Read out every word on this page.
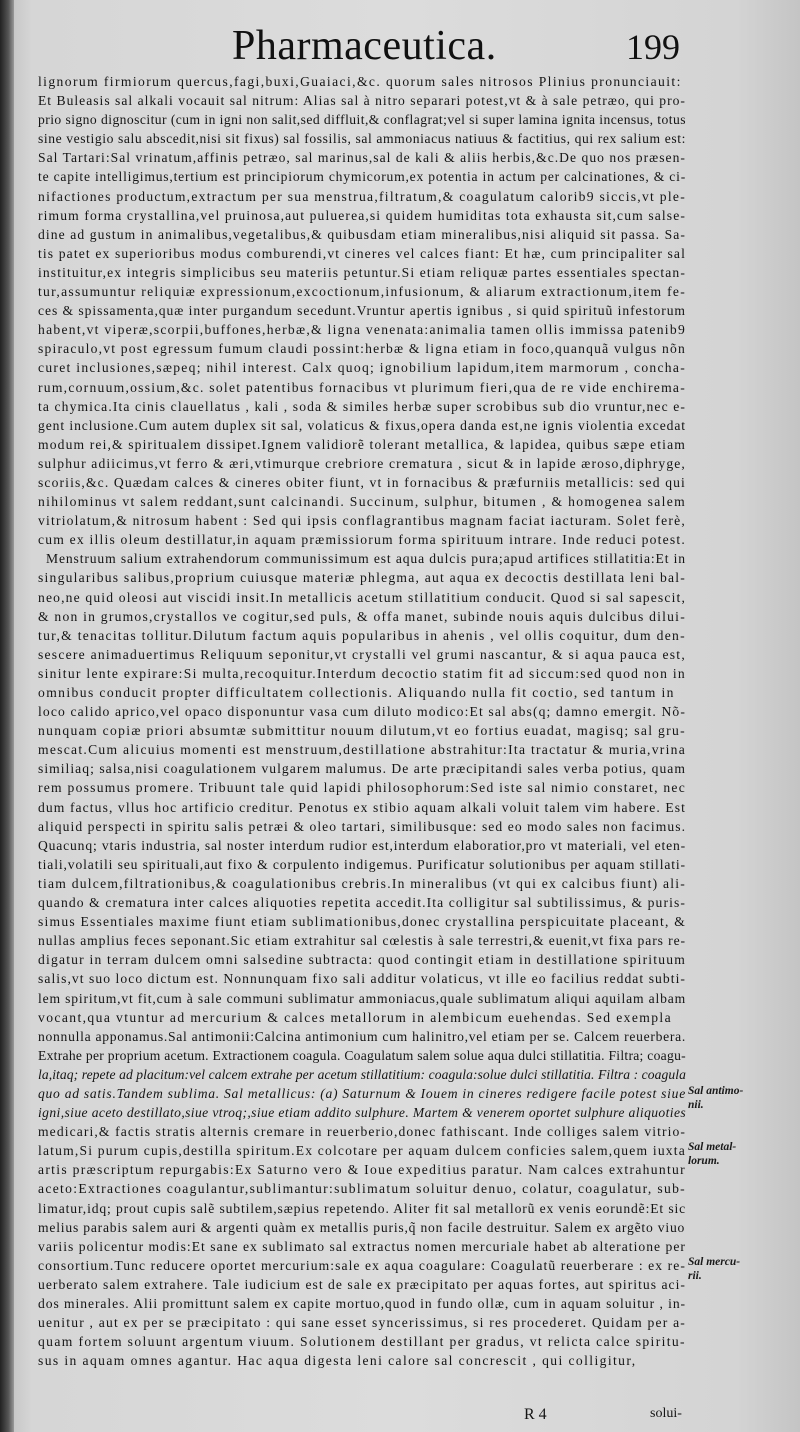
Pharmaceutica.	199
lignorum firmiorum quercus,fagi,buxi,Guaiaci,&c. quorum sales nitrosos Plinius pronunciauit:
Et Buleasis sal alkali vocauit sal nitrum: Alias sal à nitro separari potest,vt & à sale petræo, qui pro-
prio signo dignoscitur (cum in igni non salit,sed diffluit,& conflagrat;vel si super lamina ignita incensus, totus
sine vestigio salu abscedit,nisi sit fixus) sal fossilis, sal ammoniacus natiuus & factitius, qui rex salium est:
Sal Tartari:Sal vrinatum,affinis petræo, sal marinus,sal de kali & aliis herbis,&c.De quo nos præsen-
te capite intelligimus,tertium est principiorum chymicorum,ex potentia in actum per calcinationes, & ci-
nifactiones productum,extractum per sua menstrua,filtratum,& coagulatum calorib9 siccis,vt ple-
rimum forma crystallina,vel pruinosa,aut puluerea,si quidem humiditas tota exhausta sit,cum salse-
dine ad gustum in animalibus,vegetalibus,& quibusdam etiam mineralibus,nisi aliquid sit passa. Sa-
tis patet ex superioribus modus comburendi,vt cineres vel calces fiant: Et hæ, cum principaliter sal
instituitur,ex integris simplicibus seu materiis petuntur.Si etiam reliquæ partes essentiales spectan-
tur,assumuntur reliquiæ expressionum,excoctionum,infusionum, & aliarum extractionum,item fe-
ces & spissamenta,quæ inter purgandum secedunt.Vruntur apertis ignibus , si quid spirituũ infestorum
habent,vt viperæ,scorpii,buffones,herbæ,& ligna venenata:animalia tamen ollis immissa patenib9
spiraculo,vt post egressum fumum claudi possint:herbæ & ligna etiam in foco,quanquã vulgus nõn
curet inclusiones,sæpeq; nihil interest. Calx quoq; ignobilium lapidum,item marmorum , concha-
rum,cornuum,ossium,&c. solet patentibus fornacibus vt plurimum fieri,qua de re vide enchirema-
ta chymica.Ita cinis clauellatus , kali , soda & similes herbæ super scrobibus sub dio vruntur,nec e-
gent inclusione.Cum autem duplex sit sal, volaticus & fixus,opera danda est,ne ignis violentia excedat
modum rei,& spiritualem dissipet.Ignem validiorẽ tolerant metallica, & lapidea, quibus sæpe etiam
sulphur adiicimus,vt ferro & æri,vtimurque crebriore crematura , sicut & in lapide æroso,diphryge,
scoriis,&c. Quædam calces & cineres obiter fiunt, vt in fornacibus & præfurniis metallicis: sed qui
nihilominus vt salem reddant,sunt calcinandi. Succinum, sulphur, bitumen , & homogenea salem
vitriolatum,& nitrosum habent : Sed qui ipsis conflagrantibus magnam faciat iacturam. Solet ferè,
cum ex illis oleum destillatur,in aquam præmissiorum forma spirituum intrare. Inde reduci potest.
Menstruum salium extrahendorum communissimum est aqua dulcis pura;apud artifices stillatitia:Et in
singularibus salibus,proprium cuiusque materiæ phlegma, aut aqua ex decoctis destillata leni bal-
neo,ne quid oleosi aut viscidi insit.In metallicis acetum stillatitium conducit. Quod si sal sapescit,
& non in grumos,crystallos ve cogitur,sed puls, & offa manet, subinde nouis aquis dulcibus dilui-
tur,& tenacitas tollitur.Dilutum factum aquis popularibus in ahenis , vel ollis coquitur, dum den-
sescere animaduertimus Reliquum seponitur,vt crystalli vel grumi nascantur, & si aqua pauca est,
sinitur lente expirare:Si multa,recoquitur.Interdum decoctio statim fit ad siccum:sed quod non in
omnibus conducit propter difficultatem collectionis. Aliquando nulla fit coctio, sed tantum in
loco calido aprico,vel opaco disponuntur vasa cum diluto modico:Et sal abs(q; damno emergit. Nõ-
nunquam copiæ priori absumtæ submittitur nouum dilutum,vt eo fortius euadat, magisq; sal gru-
mescat.Cum alicuius momenti est menstruum,destillatione abstrahitur:Ita tractatur & muria,vrina
similiaq; salsa,nisi coagulationem vulgarem malumus. De arte præcipitandi sales verba potius, quam
rem possumus promere. Tribuunt tale quid lapidi philosophorum:Sed iste sal nimio constaret, nec
dum factus, vllus hoc artificio creditur. Penotus ex stibio aquam alkali voluit talem vim habere. Est
aliquid perspecti in spiritu salis petræi & oleo tartari, similibusque: sed eo modo sales non facimus.
Quacunq; vtaris industria, sal noster interdum rudior est,interdum elaboratior,pro vt materiali, vel eten-
tiali,volatili seu spirituali,aut fixo & corpulento indigemus. Purificatur solutionibus per aquam stillati-
tiam dulcem,filtrationibus,& coagulationibus crebris.In mineralibus (vt qui ex calcibus fiunt) ali-
quando & crematura inter calces aliquoties repetita accedit.Ita colligitur sal subtilissimus, & puris-
simus Essentiales maxime fiunt etiam sublimationibus,donec crystallina perspicuitate placeant, &
nullas amplius feces seponant.Sic etiam extrahitur sal cœlestis à sale terrestri,& euenit,vt fixa pars re-
digatur in terram dulcem omni salsedine subtracta: quod contingit etiam in destillatione spirituum
salis,vt suo loco dictum est. Nonnunquam fixo sali additur volaticus, vt ille eo facilius reddat subti-
lem spiritum,vt fit,cum à sale communi sublimatur ammoniacus,quale sublimatum aliqui aquilam albam
vocant,qua vtuntur ad mercurium & calces metallorum in alembicum euehendas. Sed exempla
nonnulla apponamus.Sal antimonii:Calcina antimonium cum halinitro,vel etiam per se. Calcem reuerbera.
Extrahe per proprium acetum. Extractionem coagula. Coagulatum salem solue aqua dulci stillatitia. Filtra; coagu-
la,itaq; repete ad placitum:vel calcem extrahe per acetum stillatitium: coagula:solue dulci stillatitia. Filtra : coagula
quo ad satis.Tandem sublima. Sal metallicus: (a) Saturnum & Iouem in cineres redigere facile potest siue
igni,siue aceto destillato,siue vtroq;,siue etiam addito sulphure. Martem & venerem oportet sulphure aliquoties
medicari,& factis stratis alternis cremare in reuerberio,donec fathiscant. Inde colliges salem vitrio-
latum,Si purum cupis,destilla spiritum.Ex colcotare per aquam dulcem conficies salem,quem iuxta
artis præscriptum repurgabis:Ex Saturno vero & Ioue expeditius paratur. Nam calces extrahuntur
aceto:Extractiones coagulantur,sublimantur:sublimatum soluitur denuo, colatur, coagulatur, sub-
limatur,idq; prout cupis salẽ subtilem,sæpius repetendo. Aliter fit sal metallorũ ex venis eorundẽ:Et sic
melius parabis salem auri & argenti quàm ex metallis puris,q̃ non facile destruitur. Salem ex argẽto viuo
variis policentur modis:Et sane ex sublimato sal extractus nomen mercuriale habet ab alteratione per
consortium.Tunc reducere oportet mercurium:sale ex aqua coagulare: Coagulatũ reuerberare : ex re-
uerberato salem extrahere. Tale iudicium est de sale ex præcipitato per aquas fortes, aut spiritus aci-
dos minerales. Alii promittunt salem ex capite mortuo,quod in fundo ollæ, cum in aquam soluitur , in-
uenitur , aut ex per se præcipitato : qui sane esset syncerissimus, si res procederet. Quidam per a-
quam fortem soluunt argentum viuum. Solutionem destillant per gradus, vt relicta calce spiritu-
sus in aquam omnes agantur. Hac aqua digesta leni calore sal concrescit , qui colligitur,
Sal antimo-
nii.
Sal metal-
lorum.
Sal mercu-
rii.
R 4	solui-
